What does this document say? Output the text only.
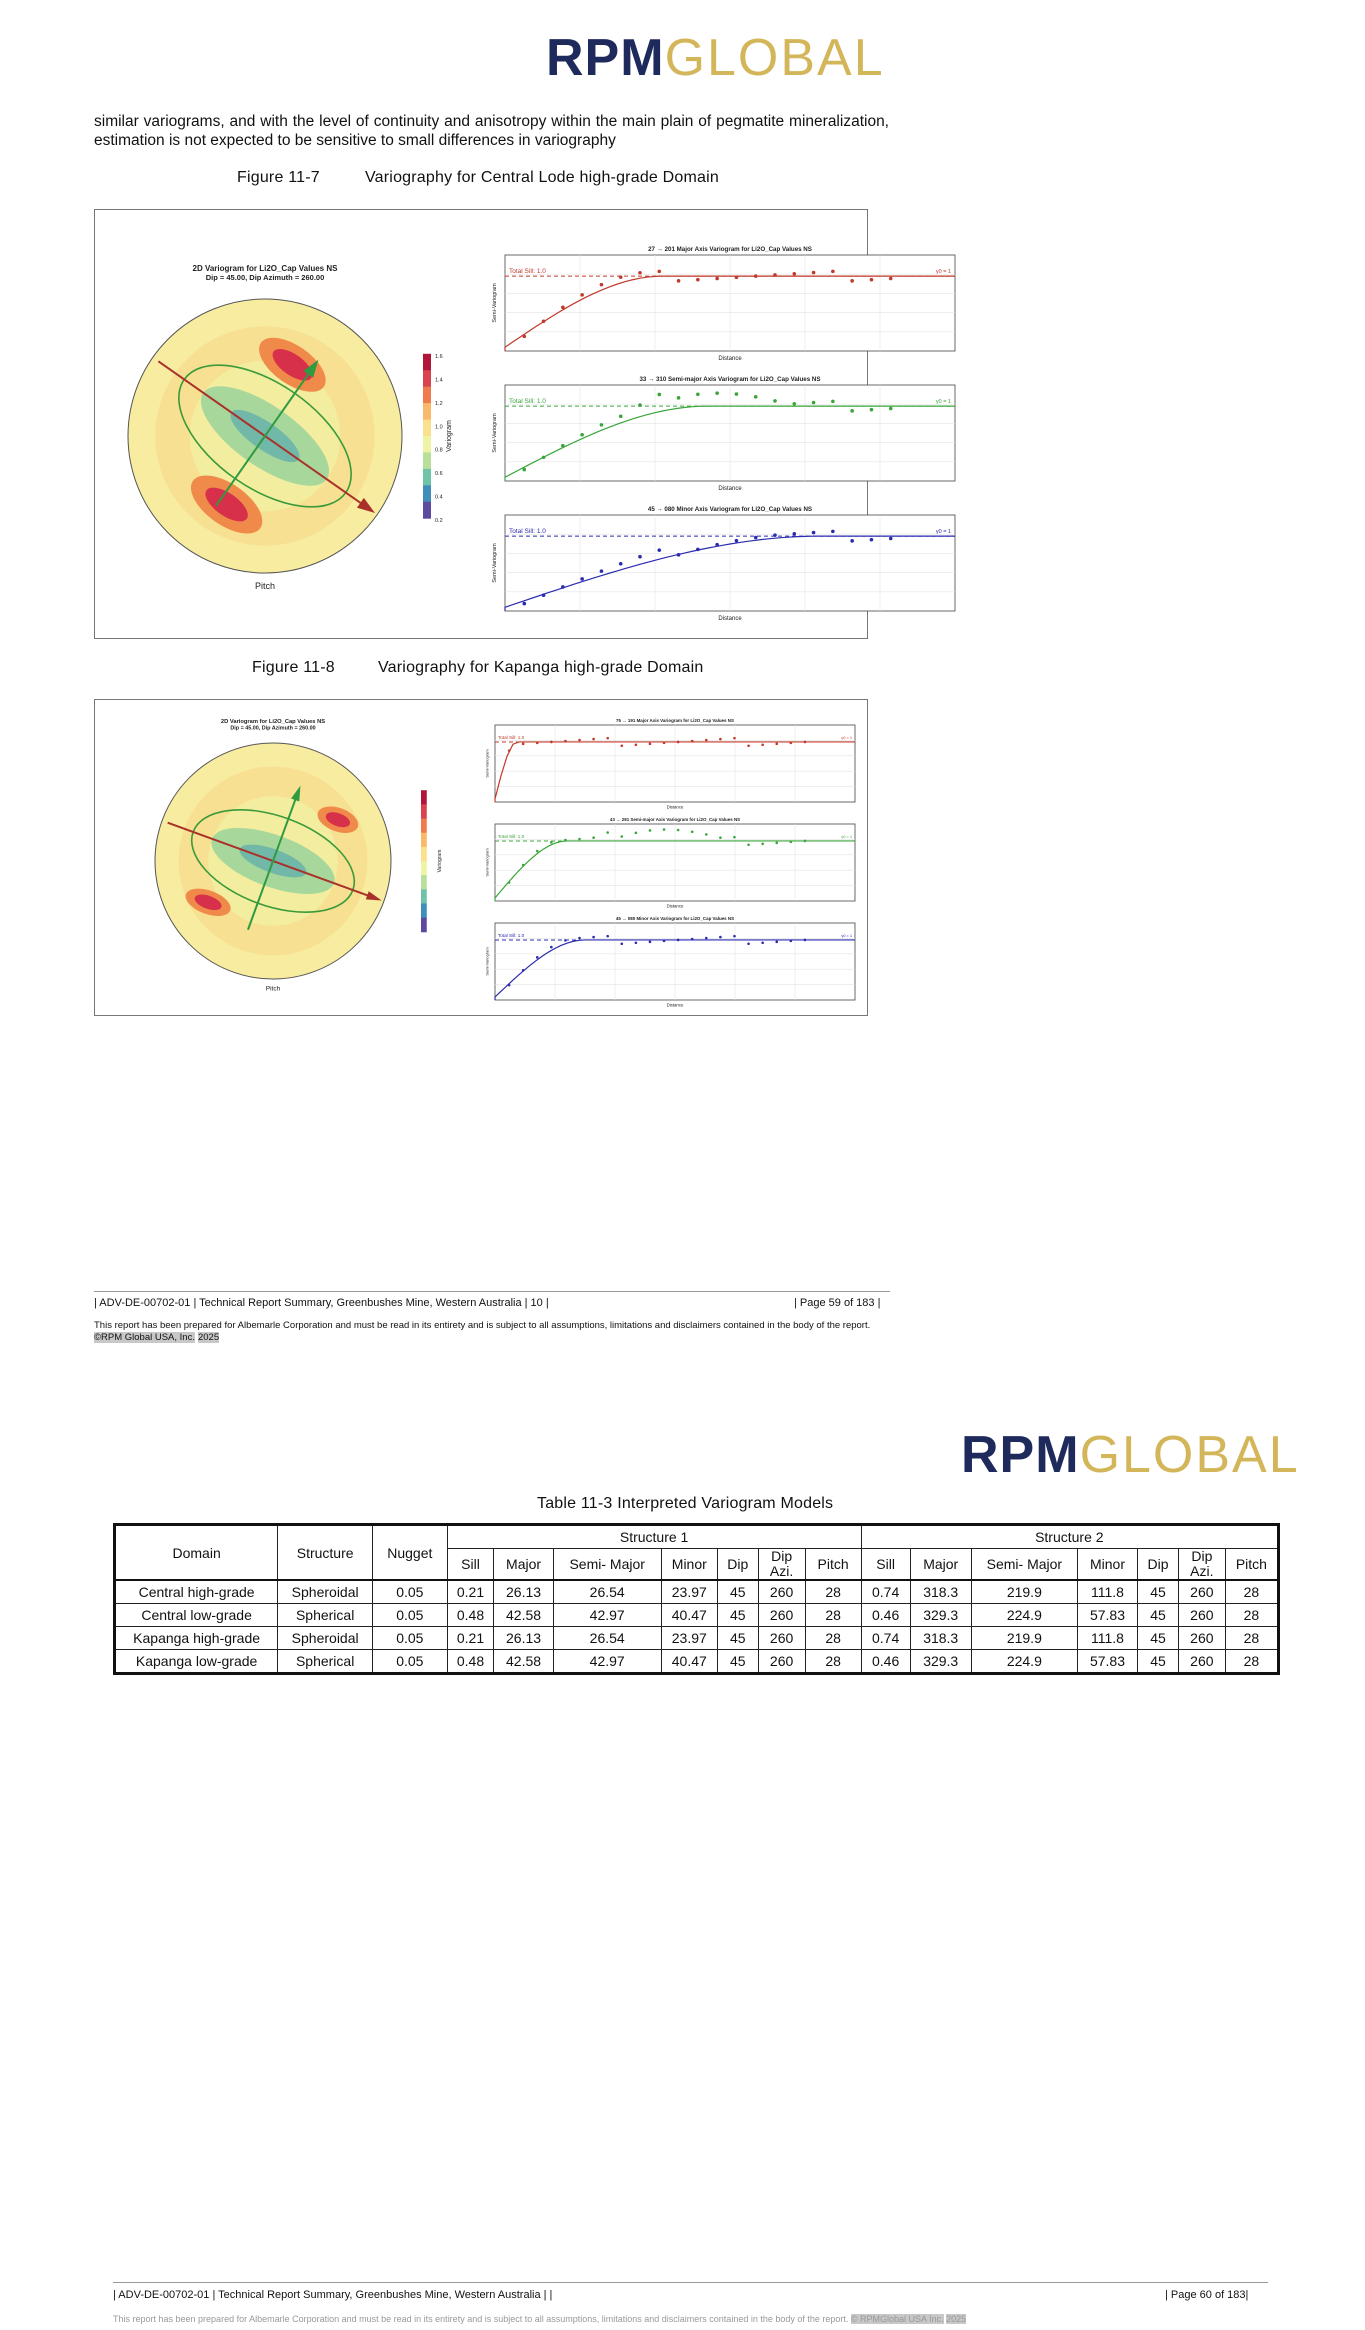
RPMGLOBAL
similar variograms, and with the level of continuity and anisotropy within the main plain of pegmatite mineralization, estimation is not expected to be sensitive to small differences in variography
Figure 11-7	Variography for Central Lode high-grade Domain
2D Variogram for Li2O_Cap Values NS
Dip = 45.00, Dip Azimuth = 260.00
Pitch
1.6
1.4
1.2
1.0
0.8
0.6
0.4
0.2
Variogram
27 → 201 Major Axis Variogram for Li2O_Cap Values NS
Total Sill: 1.0	γ0 = 1
Distance
Semi-Variogram
33 → 310 Semi-major Axis Variogram for Li2O_Cap Values NS
Total Sill: 1.0	γ0 = 1
Distance
Semi-Variogram
45 → 080 Minor Axis Variogram for Li2O_Cap Values NS
Total Sill: 1.0	γ0 = 1
Distance
Semi-Variogram
Figure 11-8	Variography for Kapanga high-grade Domain
2D Variogram for Li2O_Cap Values NS
Dip = 45.00, Dip Azimuth = 260.00
Pitch
Variogram
75 → 191 Major Axis Variogram for Li2O_Cap Values NS
Total Sill: 1.0	γ0 = 1
Distance
Semi-Variogram
43 → 281 Semi-major Axis Variogram for Li2O_Cap Values NS
Total Sill: 1.0	γ0 = 1
Distance
Semi-Variogram
45 → 080 Minor Axis Variogram for Li2O_Cap Values NS
Total Sill: 1.0	γ0 = 1
Distance
Semi-Variogram
| ADV-DE-00702-01 | Technical Report Summary, Greenbushes Mine, Western Australia | 10 |	| Page 59 of 183 |
This report has been prepared for Albemarle Corporation and must be read in its entirety and is subject to all assumptions, limitations and disclaimers contained in the body of the report. ©RPM Global USA, Inc. 2025
RPMGLOBAL
Table 11-3 Interpreted Variogram Models
Domain	Structure	Nugget	Structure 1							Structure 2						
			Sill	Major	Semi- Major	Minor	Dip	Dip Azi.	Pitch	Sill	Major	Semi- Major	Minor	Dip	Dip Azi.	Pitch
Central high-grade	Spheroidal	0.05	0.21	26.13	26.54	23.97	45	260	28	0.74	318.3	219.9	111.8	45	260	28
Central low-grade	Spherical	0.05	0.48	42.58	42.97	40.47	45	260	28	0.46	329.3	224.9	57.83	45	260	28
Kapanga high-grade	Spheroidal	0.05	0.21	26.13	26.54	23.97	45	260	28	0.74	318.3	219.9	111.8	45	260	28
Kapanga low-grade	Spherical	0.05	0.48	42.58	42.97	40.47	45	260	28	0.46	329.3	224.9	57.83	45	260	28
| ADV-DE-00702-01 | Technical Report Summary, Greenbushes Mine, Western Australia | |	| Page 60 of 183|
This report has been prepared for Albemarle Corporation and must be read in its entirety and is subject to all assumptions, limitations and disclaimers contained in the body of the report. © RPMGlobal USA Inc. 2025
